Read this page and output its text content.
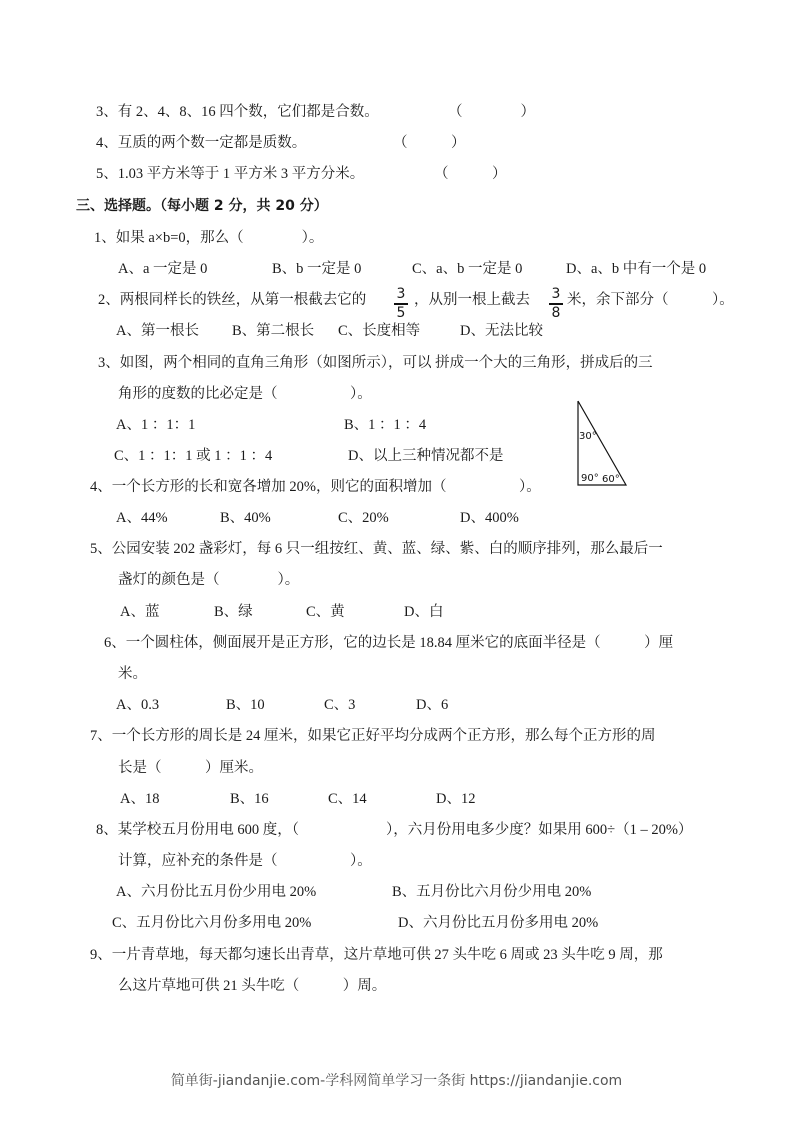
3、有 2、4、8、16 四个数，它们都是合数。	（　　　　）
4、互质的两个数一定都是质数。	（　　　）
5、1.03 平方米等于 1 平方米 3 平方分米。	（　　　）
三、选择题。（每小题 2 分，共 20 分）
1、如果 a×b=0，那么（　　　　）。
A、a 一定是 0	B、b 一定是 0	C、a、b 一定是 0	D、a、b 中有一个是 0
2、两根同样长的铁丝，从第一根截去它的 3
5
，从别一根上截去 3
8
米，余下部分（　　　）。
A、第一根长 B、第二根长 C、长度相等	D、无法比较
3、如图，两个相同的直角三角形（如图所示），可以 拼成一个大的三角形，拼成后的三
角形的度数的比必定是（　　　　　）。
A、1 ：1：1	B、1 ：1 ：4
C、1 ：1：1 或 1 ：1 ：4	D、以上三种情况都不是
30°
90° 60°
4、一个长方形的长和宽各增加 20%，则它的面积增加（　　　　　）。
A、44%	B、40%	C、20%	D、400%
5、公园安装 202 盏彩灯，每 6 只一组按红、黄、蓝、绿、紫、白的顺序排列，那么最后一
盏灯的颜色是（　　　　）。
A、蓝	B、绿	C、黄	D、白
6、一个圆柱体，侧面展开是正方形，它的边长是 18.84 厘米它的底面半径是（　　　）厘
米。
A、0.3	B、10	C、3	D、6
7、一个长方形的周长是 24 厘米，如果它正好平均分成两个正方形，那么每个正方形的周
长是（　　　）厘米。
A、18	B、16	C、14	D、12
8、某学校五月份用电 600 度，（　　　　　　），六月份用电多少度？如果用 600÷（1 – 20%）
计算，应补充的条件是（　　　　　）。
A、六月份比五月份少用电 20%	B、五月份比六月份少用电 20%
C、五月份比六月份多用电 20%	D、六月份比五月份多用电 20%
9、一片青草地，每天都匀速长出青草，这片草地可供 27 头牛吃 6 周或 23 头牛吃 9 周，那
么这片草地可供 21 头牛吃（　　　）周。
简单街-jiandanjie.com-学科网简单学习一条街 https://jiandanjie.com
